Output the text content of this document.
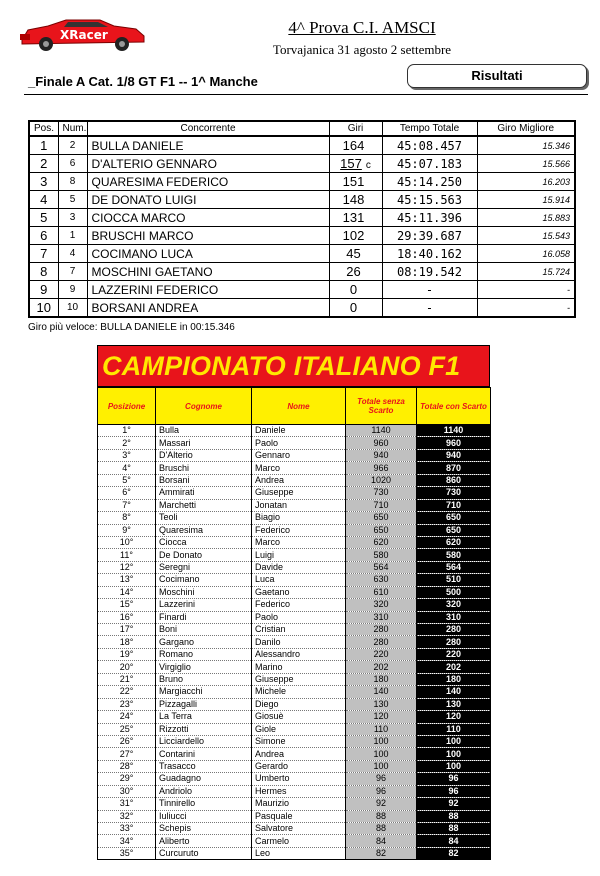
XRacer	4^ Prova C.I. AMSCI
Torvajanica 31 agosto 2 settembre
Risultati
_Finale A Cat. 1/8 GT F1 -- 1^ Manche
Pos.	Num.	Concorrente	Giri	Tempo Totale	Giro Migliore
1	2	BULLA DANIELE	164	45:08.457	15.346
2	6	D'ALTERIO GENNARO	157 c	45:07.183	15.566
3	8	QUARESIMA FEDERICO	151	45:14.250	16.203
4	5	DE DONATO LUIGI	148	45:15.563	15.914
5	3	CIOCCA MARCO	131	45:11.396	15.883
6	1	BRUSCHI MARCO	102	29:39.687	15.543
7	4	COCIMANO LUCA	45	18:40.162	16.058
8	7	MOSCHINI GAETANO	26	08:19.542	15.724
9	9	LAZZERINI FEDERICO	0	-	-
10	10	BORSANI ANDREA	0	-	-
Giro più veloce: BULLA DANIELE in 00:15.346
CAMPIONATO ITALIANO F1
Posizione	Cognome	Nome	Totale senza Scarto	Totale con Scarto
1°	Bulla	Daniele	1140	1140
2°	Massari	Paolo	960	960
3°	D'Alterio	Gennaro	940	940
4°	Bruschi	Marco	966	870
5°	Borsani	Andrea	1020	860
6°	Ammirati	Giuseppe	730	730
7°	Marchetti	Jonatan	710	710
8°	Teoli	Biagio	650	650
9°	Quaresima	Federico	650	650
10°	Ciocca	Marco	620	620
11°	De Donato	Luigi	580	580
12°	Seregni	Davide	564	564
13°	Cocimano	Luca	630	510
14°	Moschini	Gaetano	610	500
15°	Lazzerini	Federico	320	320
16°	Finardi	Paolo	310	310
17°	Boni	Cristian	280	280
18°	Gargano	Danilo	280	280
19°	Romano	Alessandro	220	220
20°	Virgiglio	Marino	202	202
21°	Bruno	Giuseppe	180	180
22°	Margiacchi	Michele	140	140
23°	Pizzagalli	Diego	130	130
24°	La Terra	Giosuè	120	120
25°	Rizzotti	Giole	110	110
26°	Licciardello	Simone	100	100
27°	Contarini	Andrea	100	100
28°	Trasacco	Gerardo	100	100
29°	Guadagno	Umberto	96	96
30°	Andriolo	Hermes	96	96
31°	Tinnirello	Maurizio	92	92
32°	Iuliucci	Pasquale	88	88
33°	Schepis	Salvatore	88	88
34°	Aliberto	Carmelo	84	84
35°	Curcuruto	Leo	82	82
